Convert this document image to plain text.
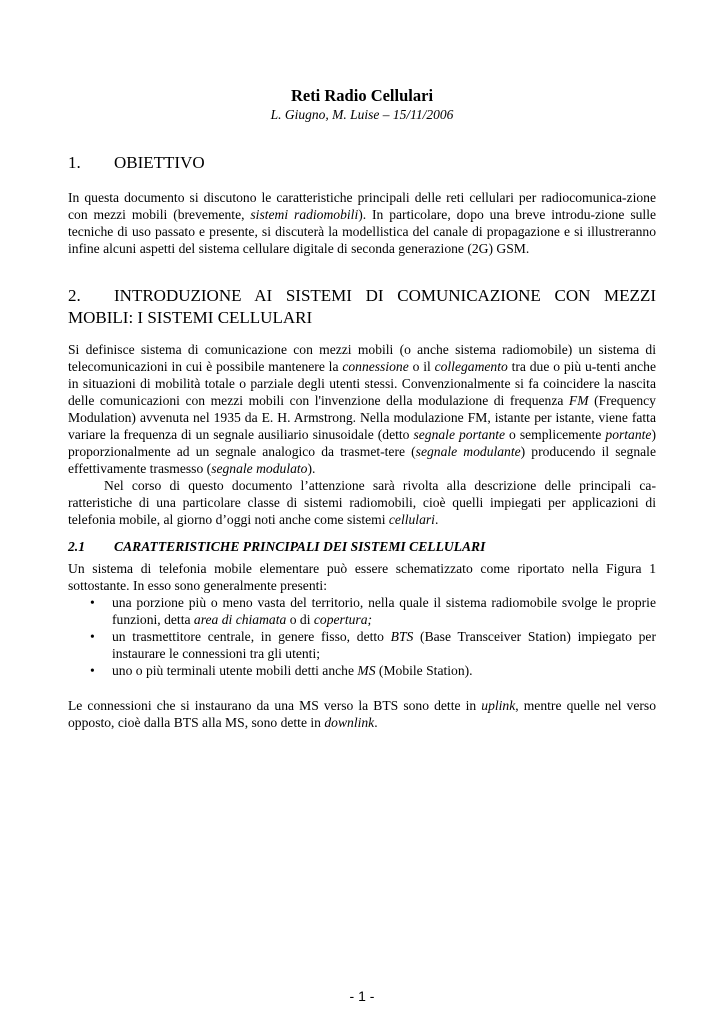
Reti Radio Cellulari
L. Giugno, M. Luise – 15/11/2006
1. OBIETTIVO

In questa documento si discutono le caratteristiche principali delle reti cellulari per radiocomunica-zione con mezzi mobili (brevemente, sistemi radiomobili). In particolare, dopo una breve introdu-zione sulle tecniche di uso passato e presente, si discuterà la modellistica del canale di propagazione e si illustreranno infine alcuni aspetti del sistema cellulare digitale di seconda generazione (2G) GSM.

2. INTRODUZIONE AI SISTEMI DI COMUNICAZIONE CON MEZZI MOBILI: I SISTEMI CELLULARI

Si definisce sistema di comunicazione con mezzi mobili (o anche sistema radiomobile) un sistema di telecomunicazioni in cui è possibile mantenere la connessione o il collegamento tra due o più u-tenti anche in situazioni di mobilità totale o parziale degli utenti stessi. Convenzionalmente si fa coincidere la nascita delle comunicazioni con mezzi mobili con l'invenzione della modulazione di frequenza FM (Frequency Modulation) avvenuta nel 1935 da E. H. Armstrong. Nella modulazione FM, istante per istante, viene fatta variare la frequenza di un segnale ausiliario sinusoidale (detto segnale portante o semplicemente portante) proporzionalmente ad un segnale analogico da trasmet-tere (segnale modulante) producendo il segnale effettivamente trasmesso (segnale modulato).

Nel corso di questo documento l’attenzione sarà rivolta alla descrizione delle principali ca-ratteristiche di una particolare classe di sistemi radiomobili, cioè quelli impiegati per applicazioni di telefonia mobile, al giorno d’oggi noti anche come sistemi cellulari.

2.1 CARATTERISTICHE PRINCIPALI DEI SISTEMI CELLULARI

Un sistema di telefonia mobile elementare può essere schematizzato come riportato nella Figura 1 sottostante. In esso sono generalmente presenti:

• una porzione più o meno vasta del territorio, nella quale il sistema radiomobile svolge le proprie funzioni, detta area di chiamata o di copertura;
• un trasmettitore centrale, in genere fisso, detto BTS (Base Transceiver Station) impiegato per instaurare le connessioni tra gli utenti;
• uno o più terminali utente mobili detti anche MS (Mobile Station).

Le connessioni che si instaurano da una MS verso la BTS sono dette in uplink, mentre quelle nel verso opposto, cioè dalla BTS alla MS, sono dette in downlink.

- 1 -
